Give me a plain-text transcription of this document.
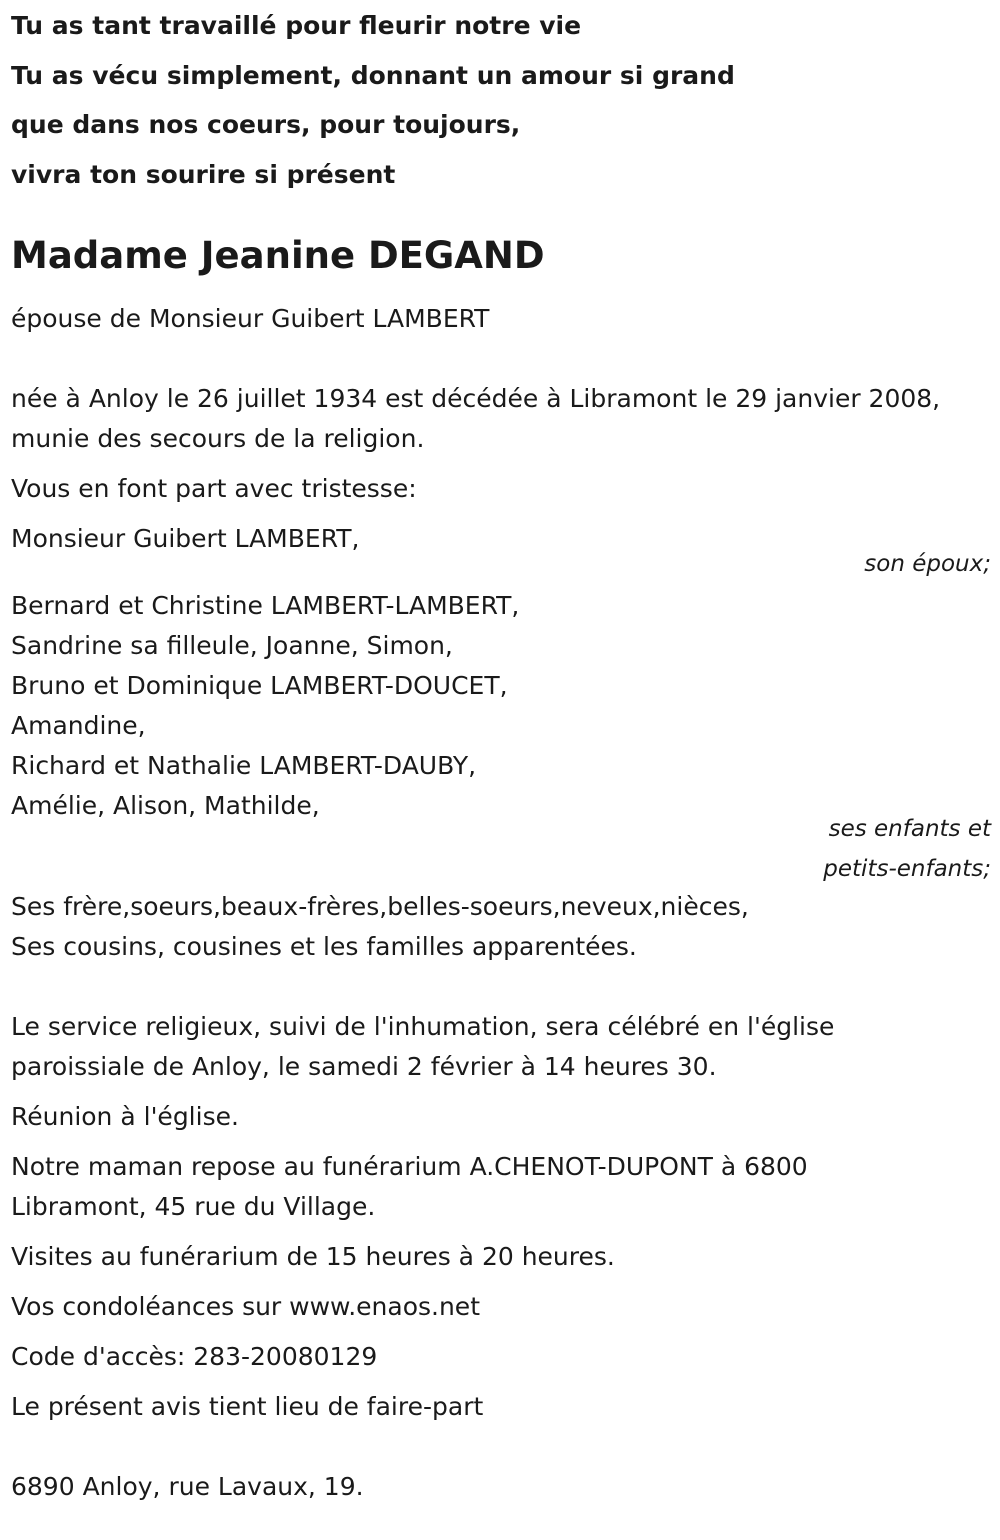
Tu as tant travaillé pour fleurir notre vie
Tu as vécu simplement, donnant un amour si grand
que dans nos coeurs, pour toujours,
vivra ton sourire si présent
Madame Jeanine DEGAND
épouse de Monsieur Guibert LAMBERT
née à Anloy le 26 juillet 1934 est décédée à Libramont le 29 janvier 2008,
munie des secours de la religion.
Vous en font part avec tristesse:
Monsieur Guibert LAMBERT,
son époux;
Bernard et Christine LAMBERT-LAMBERT,
Sandrine sa filleule, Joanne, Simon,
Bruno et Dominique LAMBERT-DOUCET,
Amandine,
Richard et Nathalie LAMBERT-DAUBY,
Amélie, Alison, Mathilde,
ses enfants et
petits-enfants;
Ses frère,soeurs,beaux-frères,belles-soeurs,neveux,nièces,
Ses cousins, cousines et les familles apparentées.
Le service religieux, suivi de l'inhumation, sera célébré en l'église
paroissiale de Anloy, le samedi 2 février à 14 heures 30.
Réunion à l'église.
Notre maman repose au funérarium A.CHENOT-DUPONT à 6800
Libramont, 45 rue du Village.
Visites au funérarium de 15 heures à 20 heures.
Vos condoléances sur www.enaos.net
Code d'accès: 283-20080129
Le présent avis tient lieu de faire-part
6890 Anloy, rue Lavaux, 19.
